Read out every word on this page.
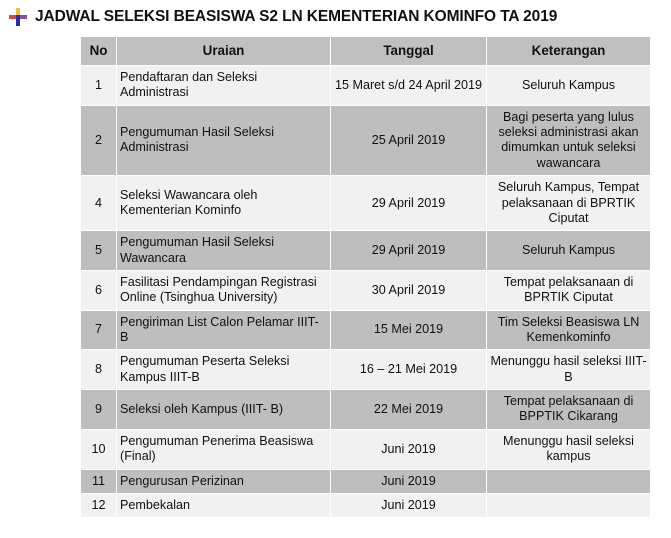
JADWAL SELEKSI BEASISWA S2 LN KEMENTERIAN KOMINFO TA 2019
No	Uraian	Tanggal	Keterangan
1	Pendaftaran dan Seleksi Administrasi	15 Maret s/d 24 April 2019	Seluruh Kampus
2	Pengumuman Hasil Seleksi Administrasi	25 April 2019	Bagi peserta yang lulus seleksi administrasi akan dimumkan untuk seleksi wawancara
4	Seleksi Wawancara oleh Kementerian Kominfo	29 April 2019	Seluruh Kampus, Tempat pelaksanaan di BPRTIK Ciputat
5	Pengumuman Hasil Seleksi Wawancara	29 April 2019	Seluruh Kampus
6	Fasilitasi Pendampingan Registrasi Online (Tsinghua University)	30 April 2019	Tempat pelaksanaan di BPRTIK Ciputat
7	Pengiriman List Calon Pelamar IIIT-B	15 Mei 2019	Tim Seleksi Beasiswa LN Kemenkominfo
8	Pengumuman Peserta Seleksi Kampus IIIT-B	16 – 21 Mei 2019	Menunggu hasil seleksi IIIT-B
9	Seleksi oleh Kampus (IIIT- B)	22 Mei 2019	Tempat pelaksanaan di BPPTIK Cikarang
10	Pengumuman Penerima Beasiswa (Final)	Juni 2019	Menunggu hasil seleksi kampus
11	Pengurusan Perizinan	Juni 2019	
12	Pembekalan	Juni 2019	
